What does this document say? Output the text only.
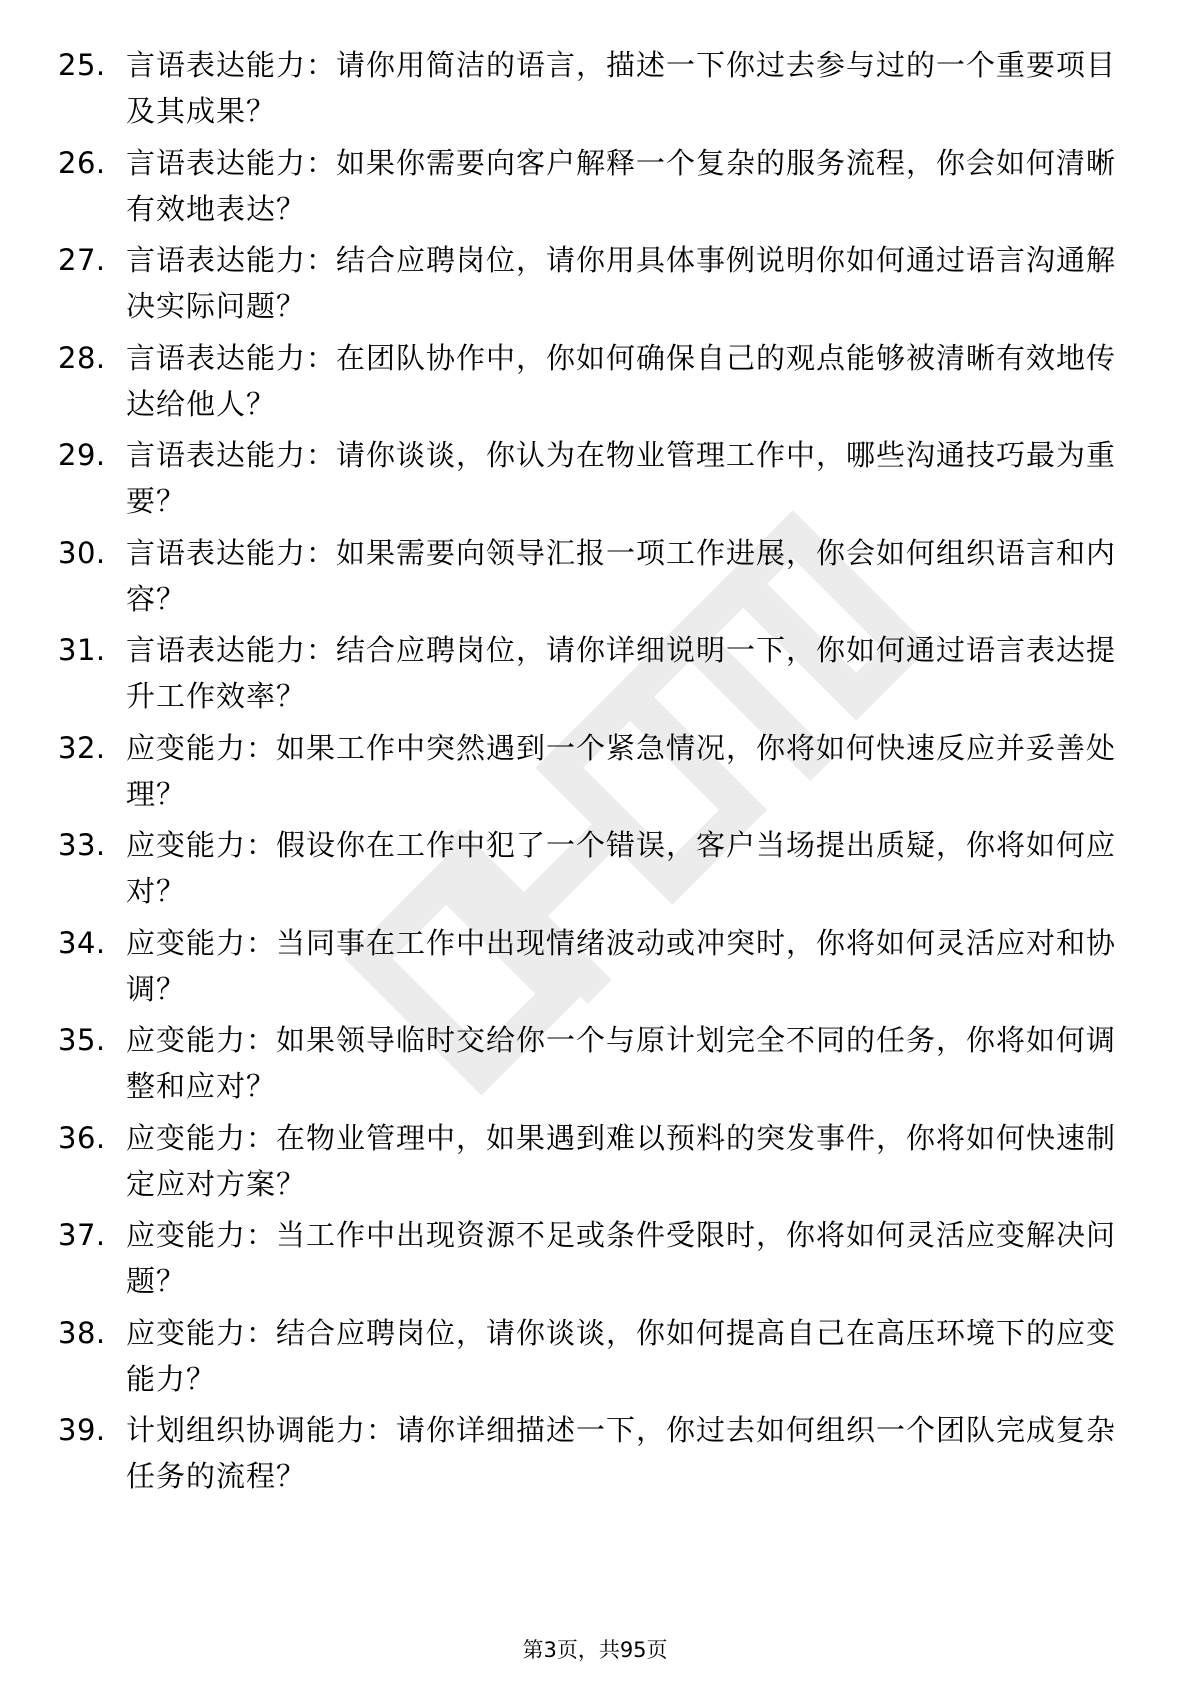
25. 言语表达能力：请你用简洁的语言，描述一下你过去参与过的一个重要项目及其成果？
26. 言语表达能力：如果你需要向客户解释一个复杂的服务流程，你会如何清晰有效地表达？
27. 言语表达能力：结合应聘岗位，请你用具体事例说明你如何通过语言沟通解决实际问题？
28. 言语表达能力：在团队协作中，你如何确保自己的观点能够被清晰有效地传达给他人？
29. 言语表达能力：请你谈谈，你认为在物业管理工作中，哪些沟通技巧最为重要？
30. 言语表达能力：如果需要向领导汇报一项工作进展，你会如何组织语言和内容？
31. 言语表达能力：结合应聘岗位，请你详细说明一下，你如何通过语言表达提升工作效率？
32. 应变能力：如果工作中突然遇到一个紧急情况，你将如何快速反应并妥善处理？
33. 应变能力：假设你在工作中犯了一个错误，客户当场提出质疑，你将如何应对？
34. 应变能力：当同事在工作中出现情绪波动或冲突时，你将如何灵活应对和协调？
35. 应变能力：如果领导临时交给你一个与原计划完全不同的任务，你将如何调整和应对？
36. 应变能力：在物业管理中，如果遇到难以预料的突发事件，你将如何快速制定应对方案？
37. 应变能力：当工作中出现资源不足或条件受限时，你将如何灵活应变解决问题？
38. 应变能力：结合应聘岗位，请你谈谈，你如何提高自己在高压环境下的应变能力？
39. 计划组织协调能力：请你详细描述一下，你过去如何组织一个团队完成复杂任务的流程？
第3页，共95页
